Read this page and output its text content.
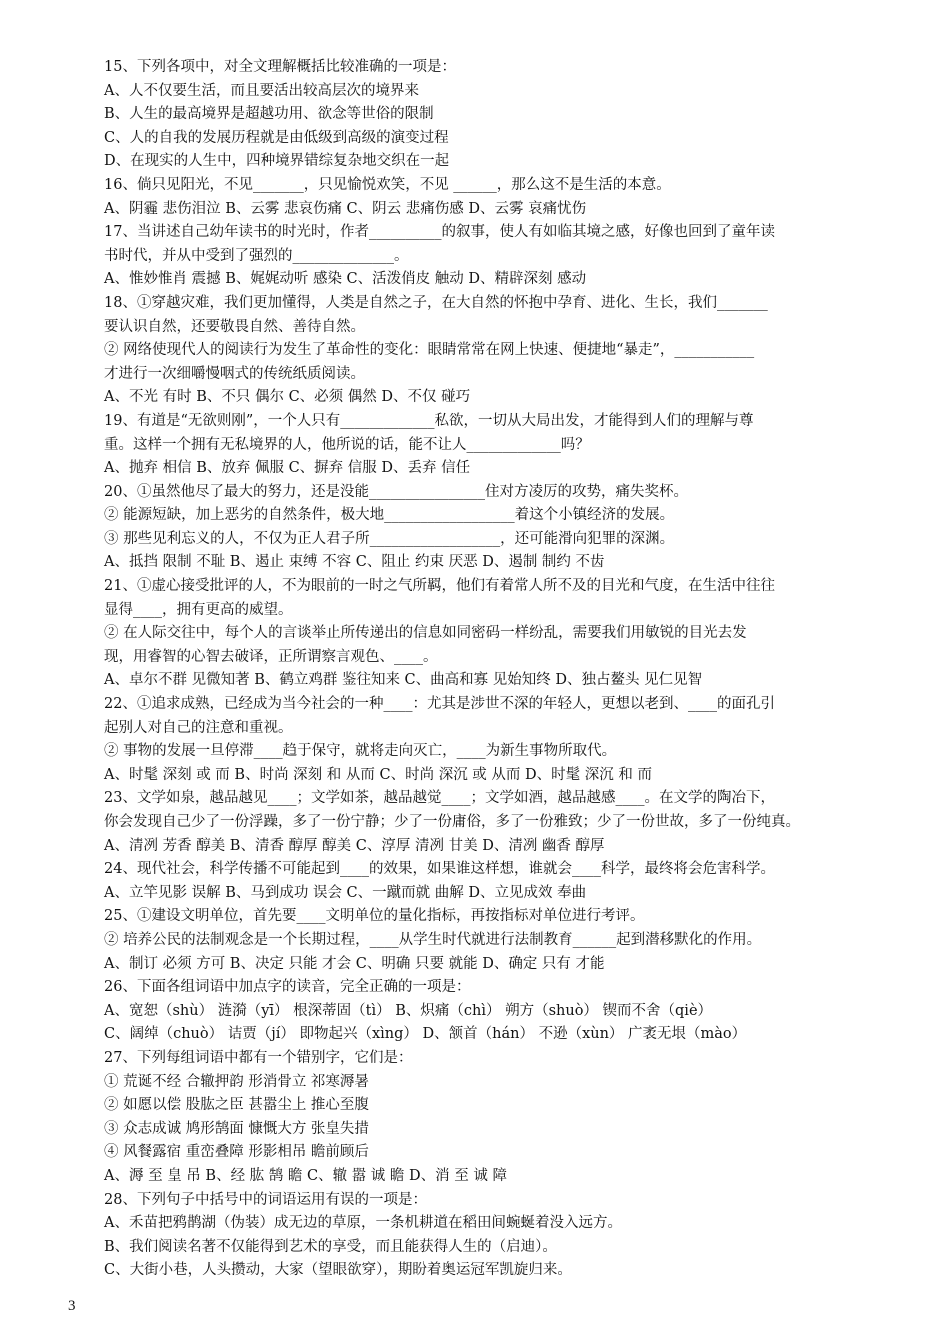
15、下列各项中，对全文理解概括比较准确的一项是：
A、人不仅要生活，而且要活出较高层次的境界来
B、人生的最高境界是超越功用、欲念等世俗的限制
C、人的自我的发展历程就是由低级到高级的演变过程
D、在现实的人生中，四种境界错综复杂地交织在一起
16、倘只见阳光，不见_______，只见愉悦欢笑，不见 ______，那么这不是生活的本意。
A、阴霾 悲伤泪泣 B、云雾 悲哀伤痛 C、阴云 悲痛伤感 D、云雾 哀痛忧伤
17、当讲述自己幼年读书的时光时，作者__________的叙事，使人有如临其境之感，好像也回到了童年读
书时代，并从中受到了强烈的______________。
A、惟妙惟肖 震撼 B、娓娓动听 感染 C、活泼俏皮 触动 D、精辟深刻 感动
18、①穿越灾难，我们更加懂得，人类是自然之子，在大自然的怀抱中孕育、进化、生长，我们_______
要认识自然，还要敬畏自然、善待自然。
② 网络使现代人的阅读行为发生了革命性的变化：眼睛常常在网上快速、便捷地“暴走”，___________
才进行一次细嚼慢咽式的传统纸质阅读。
A、不光 有时 B、不只 偶尔 C、必须 偶然 D、不仅 碰巧
19、有道是“无欲则刚”，一个人只有_____________私欲，一切从大局出发，才能得到人们的理解与尊
重。这样一个拥有无私境界的人，他所说的话，能不让人_____________吗？
A、抛弃 相信 B、放弃 佩服 C、摒弃 信服 D、丢弃 信任
20、①虽然他尽了最大的努力，还是没能________________住对方凌厉的攻势，痛失奖杯。
② 能源短缺，加上恶劣的自然条件，极大地__________________着这个小镇经济的发展。
③ 那些见利忘义的人，不仅为正人君子所__________________，还可能滑向犯罪的深渊。
A、抵挡 限制 不耻 B、遏止 束缚 不容 C、阻止 约束 厌恶 D、遏制 制约 不齿
21、①虚心接受批评的人，不为眼前的一时之气所羁，他们有着常人所不及的目光和气度，在生活中往往
显得____，拥有更高的威望。
② 在人际交往中，每个人的言谈举止所传递出的信息如同密码一样纷乱，需要我们用敏锐的目光去发
现，用睿智的心智去破译，正所谓察言观色、____。
A、卓尔不群 见微知著 B、鹤立鸡群 鉴往知来 C、曲高和寡 见始知终 D、独占鳌头 见仁见智
22、①追求成熟，已经成为当今社会的一种____：尤其是涉世不深的年轻人，更想以老到、____的面孔引
起别人对自己的注意和重视。
② 事物的发展一旦停滞____趋于保守，就将走向灭亡，____为新生事物所取代。
A、时髦 深刻 或 而 B、时尚 深刻 和 从而 C、时尚 深沉 或 从而 D、时髦 深沉 和 而
23、文学如泉，越品越见____；文学如茶，越品越觉____；文学如酒，越品越感____。在文学的陶冶下，
你会发现自己少了一份浮躁，多了一份宁静；少了一份庸俗，多了一份雅致；少了一份世故，多了一份纯真。
A、清冽 芳香 醇美 B、清香 醇厚 醇美 C、淳厚 清冽 甘美 D、清冽 幽香 醇厚
24、现代社会，科学传播不可能起到____的效果，如果谁这样想，谁就会____科学，最终将会危害科学。
A、立竿见影 误解 B、马到成功 误会 C、一蹴而就 曲解 D、立见成效 奉曲
25、①建设文明单位，首先要____文明单位的量化指标，再按指标对单位进行考评。
② 培养公民的法制观念是一个长期过程，____从学生时代就进行法制教育______起到潜移默化的作用。
A、制订 必须 方可 B、决定 只能 才会 C、明确 只要 就能 D、确定 只有 才能
26、下面各组词语中加点字的读音，完全正确的一项是：
A、宽恕（shù） 涟漪（yī） 根深蒂固（tì） B、炽痛（chì） 朔方（shuò） 锲而不舍（qiè）
C、阔绰（chuò） 诘贾（jí） 即物起兴（xìng） D、颔首（hán） 不逊（xùn） 广袤无垠（mào）
27、下列每组词语中都有一个错别字，它们是：
① 荒诞不经 合辙押韵 形消骨立 祁寒溽暑
② 如愿以偿 股肱之臣 甚嚣尘上 推心至腹
③ 众志成诚 鸠形鹄面 慷慨大方 张皇失措
④ 风餐露宿 重峦叠障 形影相吊 瞻前顾后
A、溽 至 皇 吊 B、经 肱 鹄 瞻 C、辙 嚣 诚 瞻 D、消 至 诚 障
28、下列句子中括号中的词语运用有误的一项是：
A、禾苗把鸦鹊湖（伪装）成无边的草原，一条机耕道在稻田间蜿蜒着没入远方。
B、我们阅读名著不仅能得到艺术的享受，而且能获得人生的（启迪）。
C、大街小巷，人头攒动，大家（望眼欲穿），期盼着奥运冠军凯旋归来。
3
